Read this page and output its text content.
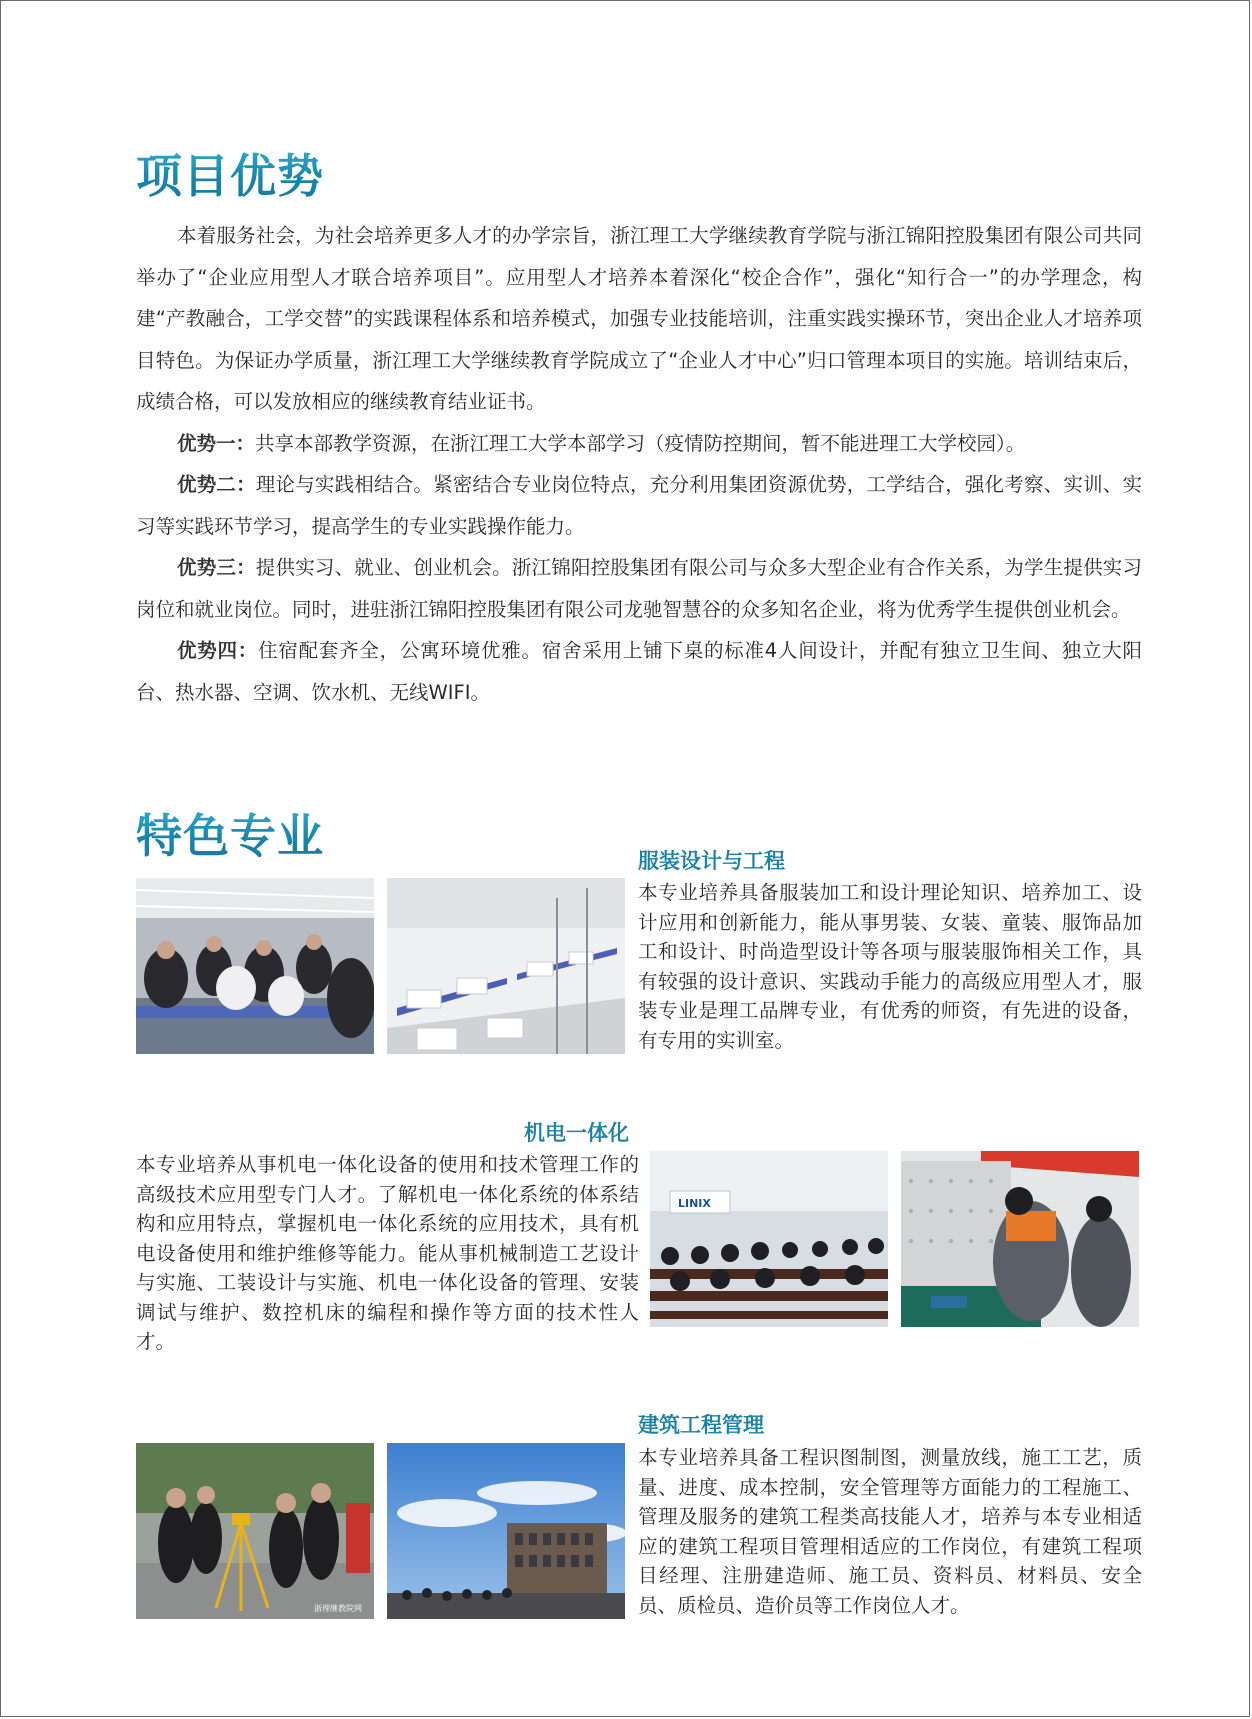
项目优势

本着服务社会，为社会培养更多人才的办学宗旨，浙江理工大学继续教育学院与浙江锦阳控股集团有限公司共同举办了“企业应用型人才联合培养项目”。应用型人才培养本着深化“校企合作”，强化“知行合一”的办学理念，构建“产教融合，工学交替”的实践课程体系和培养模式，加强专业技能培训，注重实践实操环节，突出企业人才培养项目特色。为保证办学质量，浙江理工大学继续教育学院成立了“企业人才中心”归口管理本项目的实施。培训结束后，成绩合格，可以发放相应的继续教育结业证书。

优势一：共享本部教学资源，在浙江理工大学本部学习（疫情防控期间，暂不能进理工大学校园）。

优势二：理论与实践相结合。紧密结合专业岗位特点，充分利用集团资源优势，工学结合，强化考察、实训、实习等实践环节学习，提高学生的专业实践操作能力。

优势三：提供实习、就业、创业机会。浙江锦阳控股集团有限公司与众多大型企业有合作关系，为学生提供实习岗位和就业岗位。同时，进驻浙江锦阳控股集团有限公司龙驰智慧谷的众多知名企业，将为优秀学生提供创业机会。

优势四：住宿配套齐全，公寓环境优雅。宿舍采用上铺下桌的标准4人间设计，并配有独立卫生间、独立大阳台、热水器、空调、饮水机、无线WIFI。

特色专业	服装设计与工程

本专业培养具备服装加工和设计理论知识、培养加工、设计应用和创新能力，能从事男装、女装、童装、服饰品加工和设计、时尚造型设计等各项与服装服饰相关工作，具有较强的设计意识、实践动手能力的高级应用型人才，服装专业是理工品牌专业，有优秀的师资，有先进的设备，有专用的实训室。

机电一体化

本专业培养从事机电一体化设备的使用和技术管理工作的高级技术应用型专门人才。了解机电一体化系统的体系结构和应用特点，掌握机电一体化系统的应用技术，具有机电设备使用和维护维修等能力。能从事机械制造工艺设计与实施、工装设计与实施、机电一体化设备的管理、安装调试与维护、数控机床的编程和操作等方面的技术性人才。

LINIX
建筑工程管理
浙理继教院网

本专业培养具备工程识图制图，测量放线，施工工艺，质量、进度、成本控制，安全管理等方面能力的工程施工、管理及服务的建筑工程类高技能人才，培养与本专业相适应的建筑工程项目管理相适应的工作岗位，有建筑工程项目经理、注册建造师、施工员、资料员、材料员、安全员、质检员、造价员等工作岗位人才。
